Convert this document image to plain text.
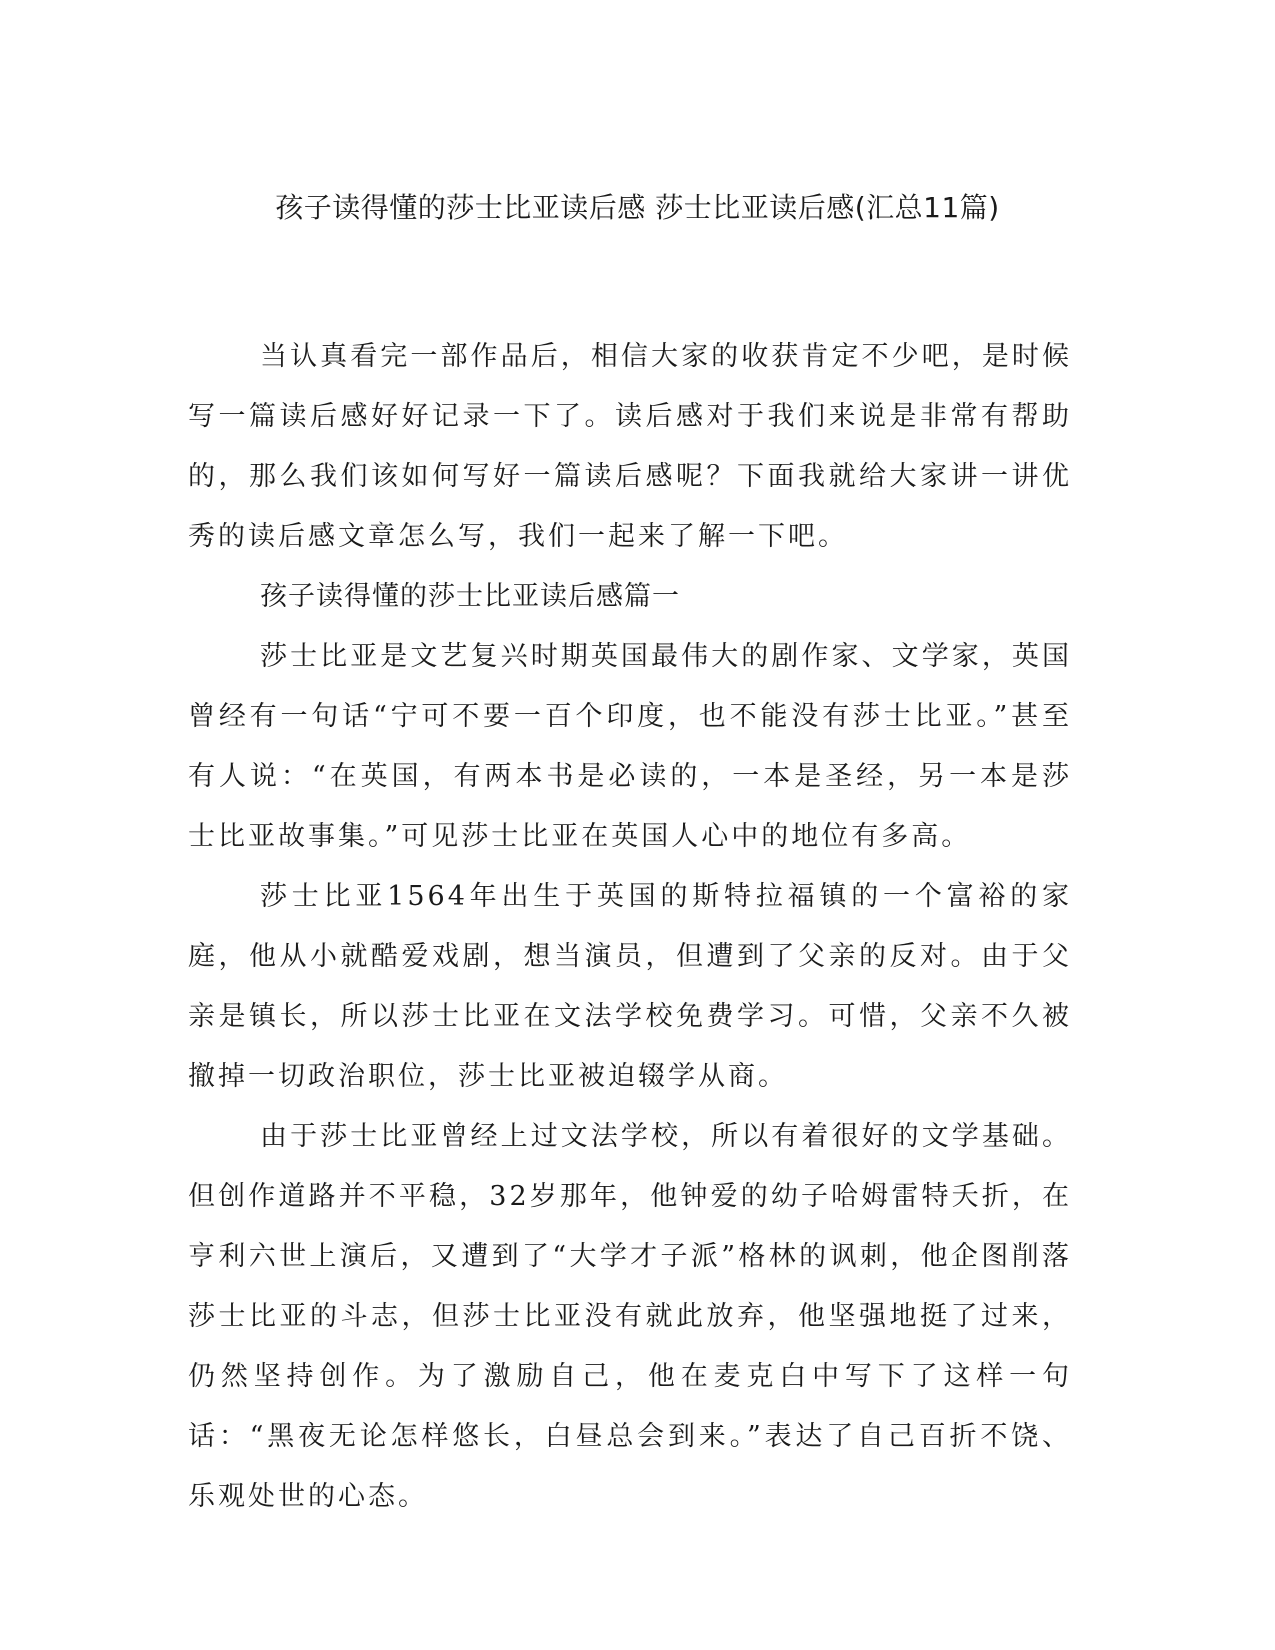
孩子读得懂的莎士比亚读后感 莎士比亚读后感(汇总11篇)

当认真看完一部作品后，相信大家的收获肯定不少吧，是时候写一篇读后感好好记录一下了。读后感对于我们来说是非常有帮助的，那么我们该如何写好一篇读后感呢？下面我就给大家讲一讲优秀的读后感文章怎么写，我们一起来了解一下吧。

孩子读得懂的莎士比亚读后感篇一

莎士比亚是文艺复兴时期英国最伟大的剧作家、文学家，英国曾经有一句话“宁可不要一百个印度，也不能没有莎士比亚。”甚至有人说：“在英国，有两本书是必读的，一本是圣经，另一本是莎士比亚故事集。”可见莎士比亚在英国人心中的地位有多高。

莎士比亚1564年出生于英国的斯特拉福镇的一个富裕的家庭，他从小就酷爱戏剧，想当演员，但遭到了父亲的反对。由于父亲是镇长，所以莎士比亚在文法学校免费学习。可惜，父亲不久被撤掉一切政治职位，莎士比亚被迫辍学从商。

由于莎士比亚曾经上过文法学校，所以有着很好的文学基础。但创作道路并不平稳，32岁那年，他钟爱的幼子哈姆雷特夭折，在亨利六世上演后，又遭到了“大学才子派”格林的讽刺，他企图削落莎士比亚的斗志，但莎士比亚没有就此放弃，他坚强地挺了过来，仍然坚持创作。为了激励自己，他在麦克白中写下了这样一句话：“黑夜无论怎样悠长，白昼总会到来。”表达了自己百折不饶、乐观处世的心态。
